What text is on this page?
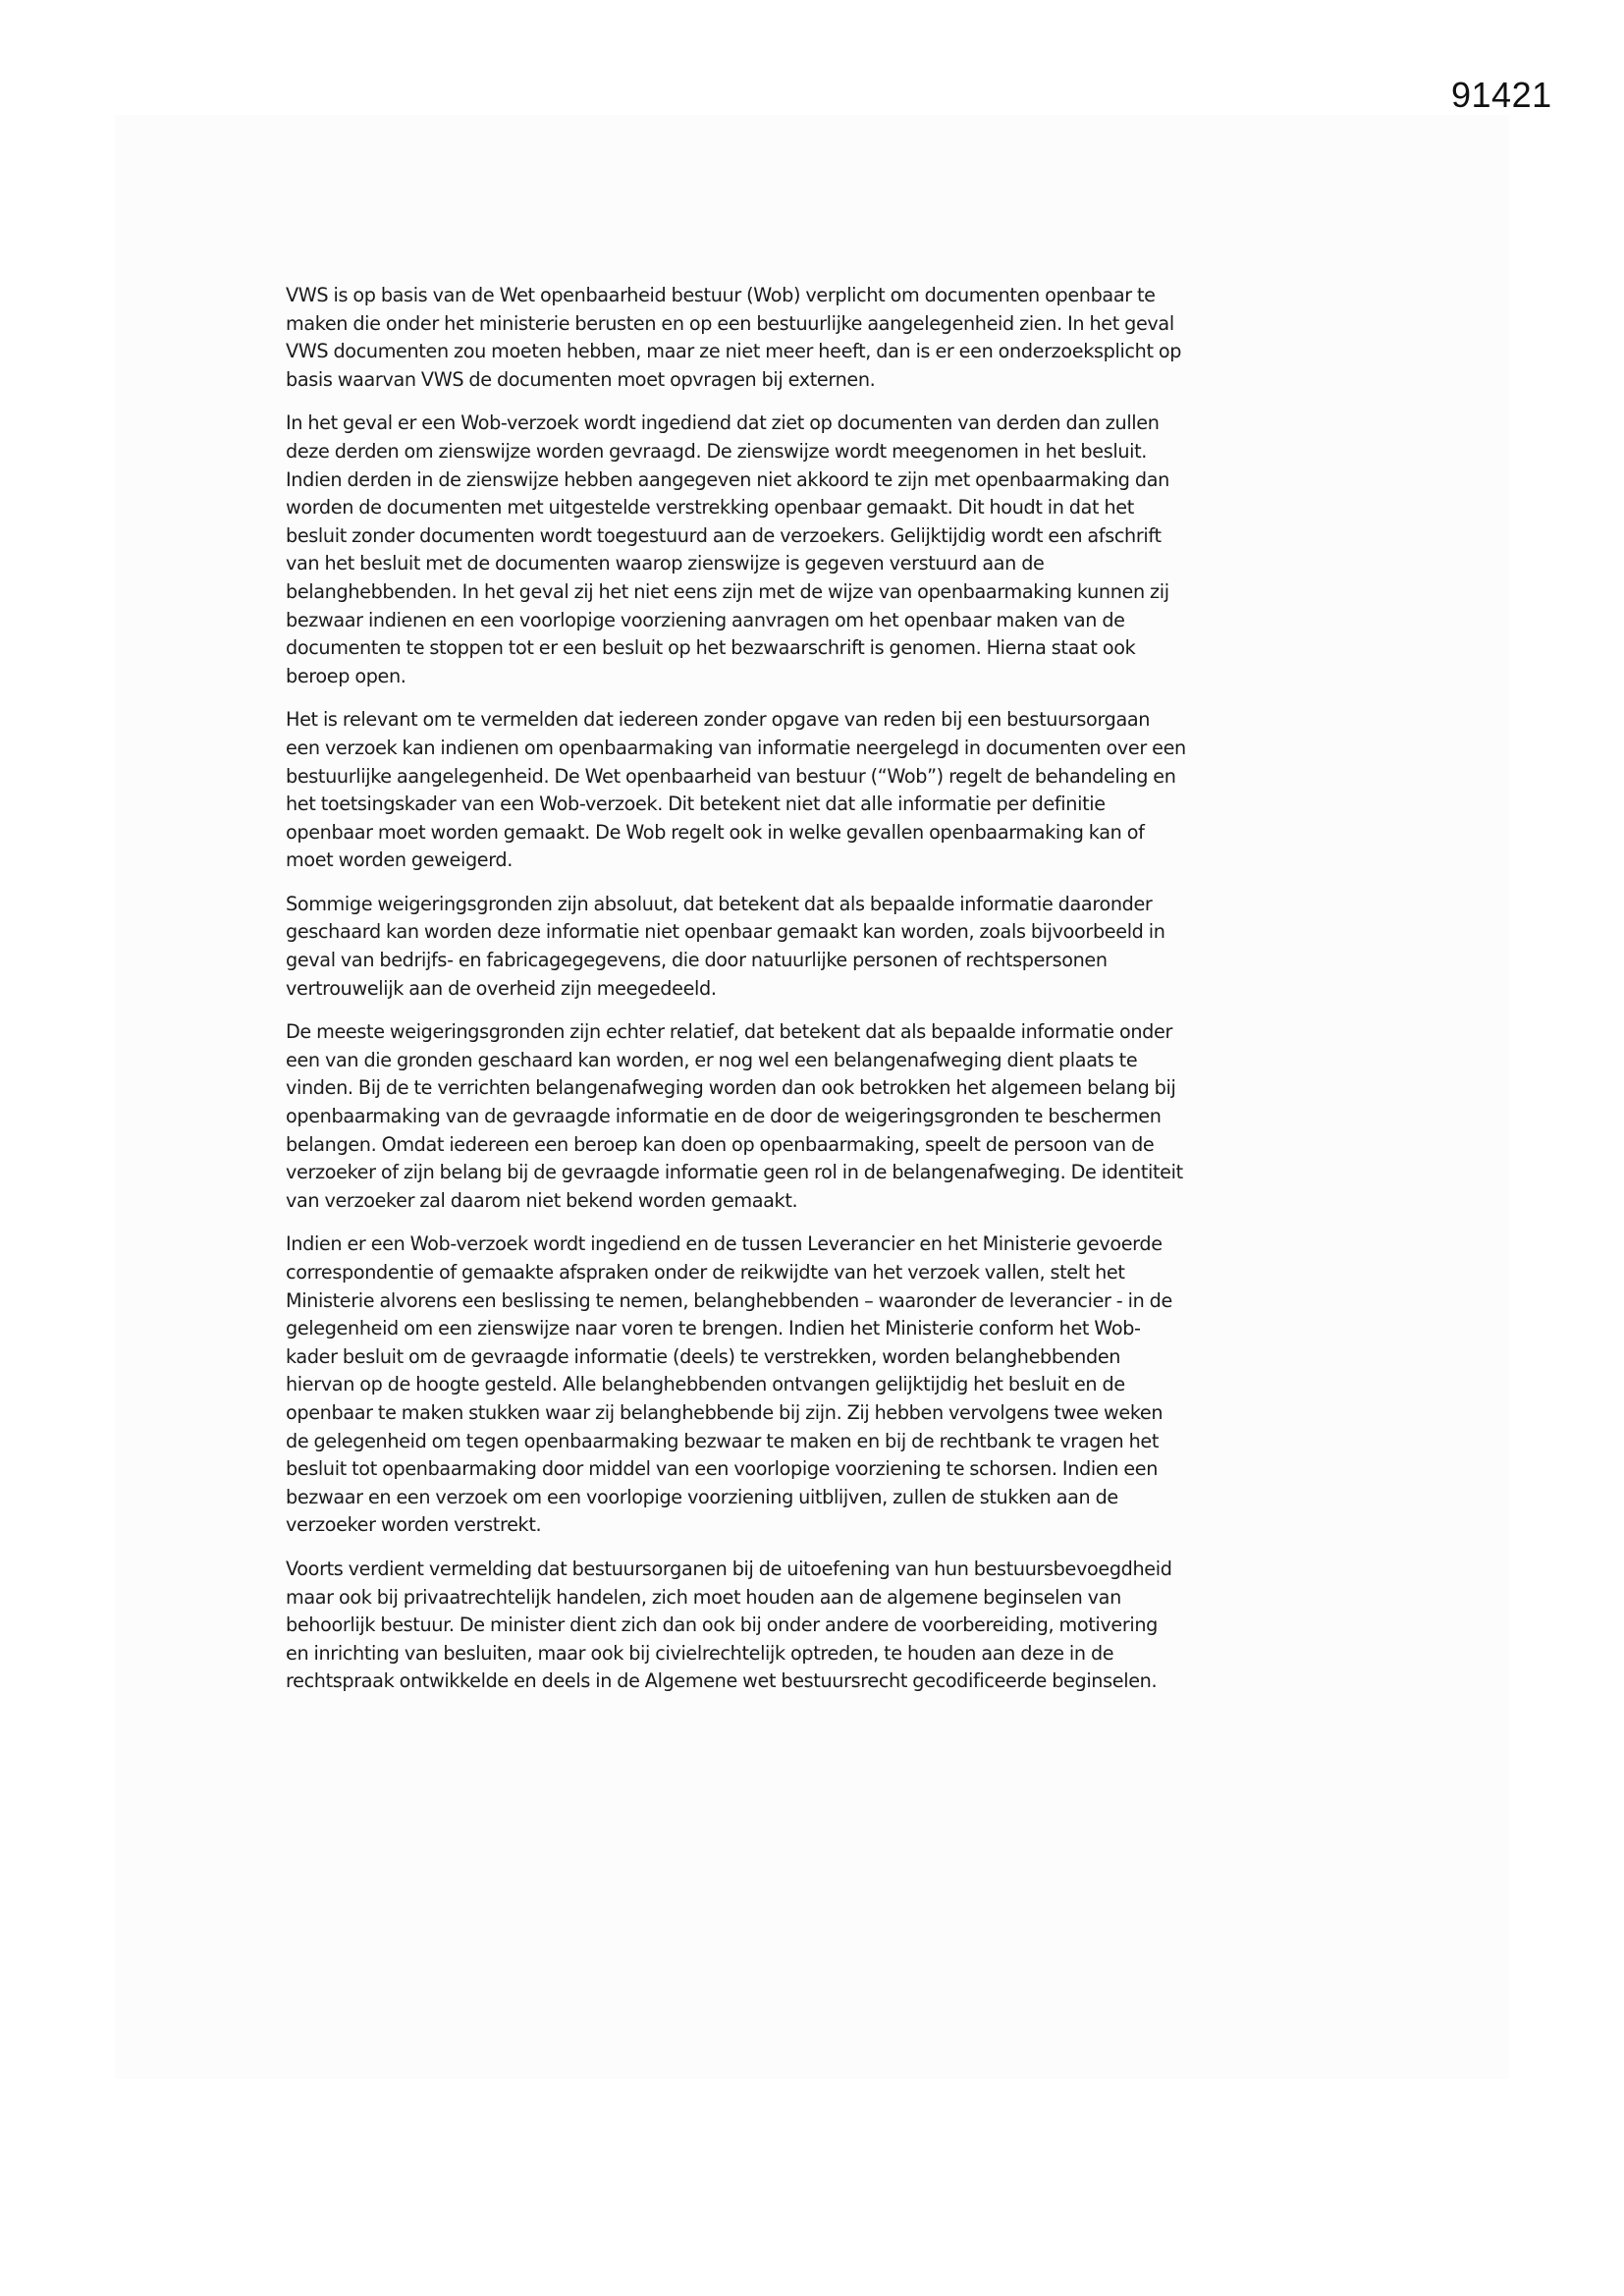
91421

VWS is op basis van de Wet openbaarheid bestuur (Wob) verplicht om documenten openbaar te
maken die onder het ministerie berusten en op een bestuurlijke aangelegenheid zien. In het geval
VWS documenten zou moeten hebben, maar ze niet meer heeft, dan is er een onderzoeksplicht op
basis waarvan VWS de documenten moet opvragen bij externen.

In het geval er een Wob-verzoek wordt ingediend dat ziet op documenten van derden dan zullen
deze derden om zienswijze worden gevraagd. De zienswijze wordt meegenomen in het besluit.
Indien derden in de zienswijze hebben aangegeven niet akkoord te zijn met openbaarmaking dan
worden de documenten met uitgestelde verstrekking openbaar gemaakt. Dit houdt in dat het
besluit zonder documenten wordt toegestuurd aan de verzoekers. Gelijktijdig wordt een afschrift
van het besluit met de documenten waarop zienswijze is gegeven verstuurd aan de
belanghebbenden. In het geval zij het niet eens zijn met de wijze van openbaarmaking kunnen zij
bezwaar indienen en een voorlopige voorziening aanvragen om het openbaar maken van de
documenten te stoppen tot er een besluit op het bezwaarschrift is genomen. Hierna staat ook
beroep open.

Het is relevant om te vermelden dat iedereen zonder opgave van reden bij een bestuursorgaan
een verzoek kan indienen om openbaarmaking van informatie neergelegd in documenten over een
bestuurlijke aangelegenheid. De Wet openbaarheid van bestuur (“Wob”) regelt de behandeling en
het toetsingskader van een Wob-verzoek. Dit betekent niet dat alle informatie per definitie
openbaar moet worden gemaakt. De Wob regelt ook in welke gevallen openbaarmaking kan of
moet worden geweigerd.

Sommige weigeringsgronden zijn absoluut, dat betekent dat als bepaalde informatie daaronder
geschaard kan worden deze informatie niet openbaar gemaakt kan worden, zoals bijvoorbeeld in
geval van bedrijfs- en fabricagegegevens, die door natuurlijke personen of rechtspersonen
vertrouwelijk aan de overheid zijn meegedeeld.

De meeste weigeringsgronden zijn echter relatief, dat betekent dat als bepaalde informatie onder
een van die gronden geschaard kan worden, er nog wel een belangenafweging dient plaats te
vinden. Bij de te verrichten belangenafweging worden dan ook betrokken het algemeen belang bij
openbaarmaking van de gevraagde informatie en de door de weigeringsgronden te beschermen
belangen. Omdat iedereen een beroep kan doen op openbaarmaking, speelt de persoon van de
verzoeker of zijn belang bij de gevraagde informatie geen rol in de belangenafweging. De identiteit
van verzoeker zal daarom niet bekend worden gemaakt.

Indien er een Wob-verzoek wordt ingediend en de tussen Leverancier en het Ministerie gevoerde
correspondentie of gemaakte afspraken onder de reikwijdte van het verzoek vallen, stelt het
Ministerie alvorens een beslissing te nemen, belanghebbenden – waaronder de leverancier - in de
gelegenheid om een zienswijze naar voren te brengen. Indien het Ministerie conform het Wob-
kader besluit om de gevraagde informatie (deels) te verstrekken, worden belanghebbenden
hiervan op de hoogte gesteld. Alle belanghebbenden ontvangen gelijktijdig het besluit en de
openbaar te maken stukken waar zij belanghebbende bij zijn. Zij hebben vervolgens twee weken
de gelegenheid om tegen openbaarmaking bezwaar te maken en bij de rechtbank te vragen het
besluit tot openbaarmaking door middel van een voorlopige voorziening te schorsen. Indien een
bezwaar en een verzoek om een voorlopige voorziening uitblijven, zullen de stukken aan de
verzoeker worden verstrekt.

Voorts verdient vermelding dat bestuursorganen bij de uitoefening van hun bestuursbevoegdheid
maar ook bij privaatrechtelijk handelen, zich moet houden aan de algemene beginselen van
behoorlijk bestuur. De minister dient zich dan ook bij onder andere de voorbereiding, motivering
en inrichting van besluiten, maar ook bij civielrechtelijk optreden, te houden aan deze in de
rechtspraak ontwikkelde en deels in de Algemene wet bestuursrecht gecodificeerde beginselen.
